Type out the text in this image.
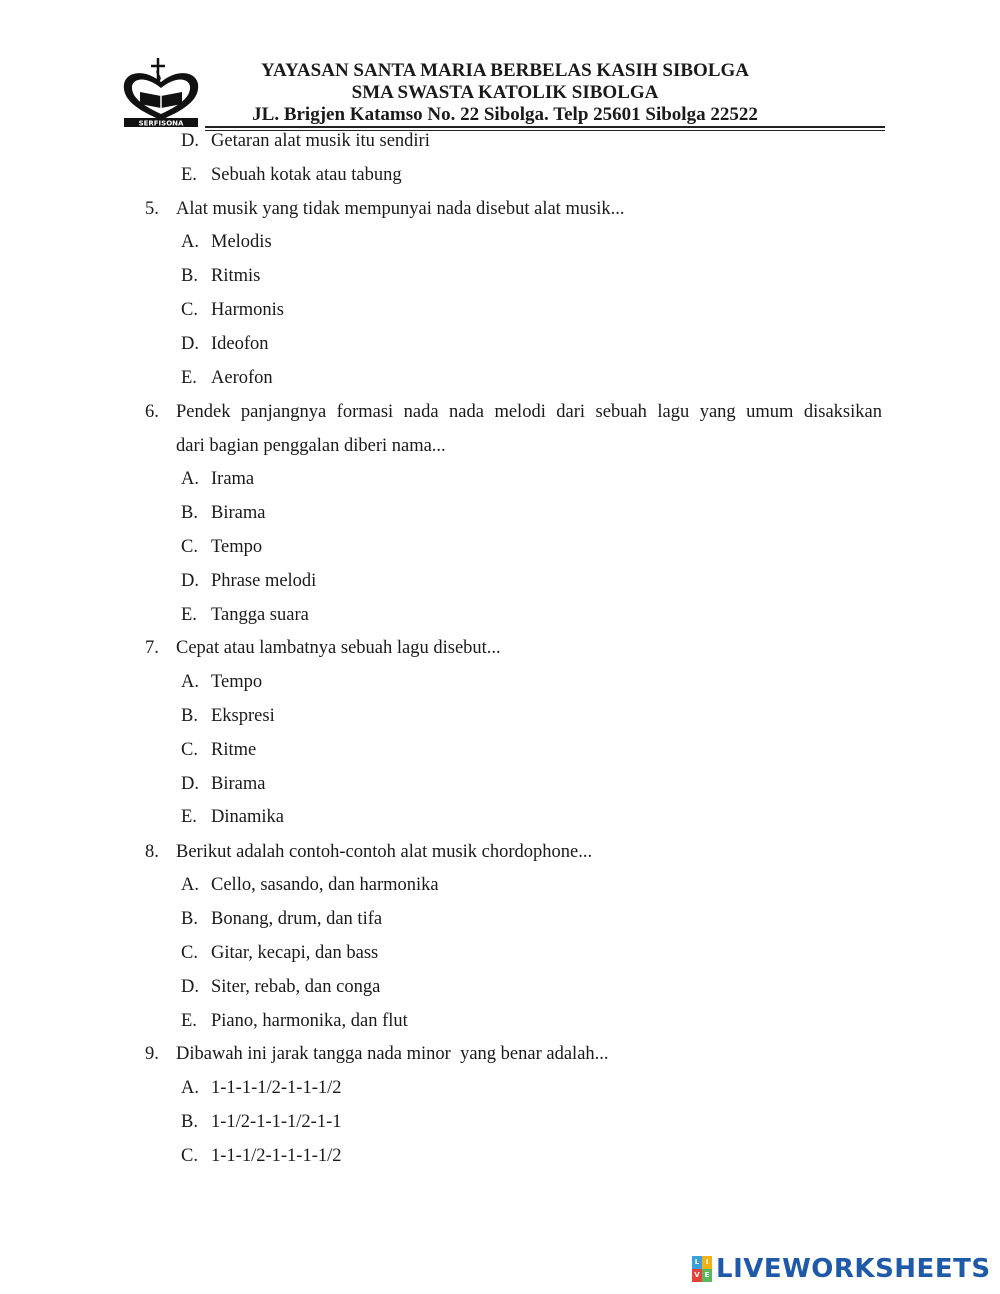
SERFISONA
YAYASAN SANTA MARIA BERBELAS KASIH SIBOLGA
SMA SWASTA KATOLIK SIBOLGA
JL. Brigjen Katamso No. 22 Sibolga. Telp 25601 Sibolga 22522
D. Getaran alat musik itu sendiri
E. Sebuah kotak atau tabung
5. Alat musik yang tidak mempunyai nada disebut alat musik...
A. Melodis
B. Ritmis
C. Harmonis
D. Ideofon
E. Aerofon
6. Pendek panjangnya formasi nada nada melodi dari sebuah lagu yang umum disaksikan
dari bagian penggalan diberi nama...
A. Irama
B. Birama
C. Tempo
D. Phrase melodi
E. Tangga suara
7. Cepat atau lambatnya sebuah lagu disebut...
A. Tempo
B. Ekspresi
C. Ritme
D. Birama
E. Dinamika
8. Berikut adalah contoh-contoh alat musik chordophone...
A. Cello, sasando, dan harmonika
B. Bonang, drum, dan tifa
C. Gitar, kecapi, dan bass
D. Siter, rebab, dan conga
E. Piano, harmonika, dan flut
9. Dibawah ini jarak tangga nada minor  yang benar adalah...
A. 1-1-1-1/2-1-1-1/2
B. 1-1/2-1-1-1/2-1-1
C. 1-1-1/2-1-1-1-1/2
L I
V E LIVEWORKSHEETS
